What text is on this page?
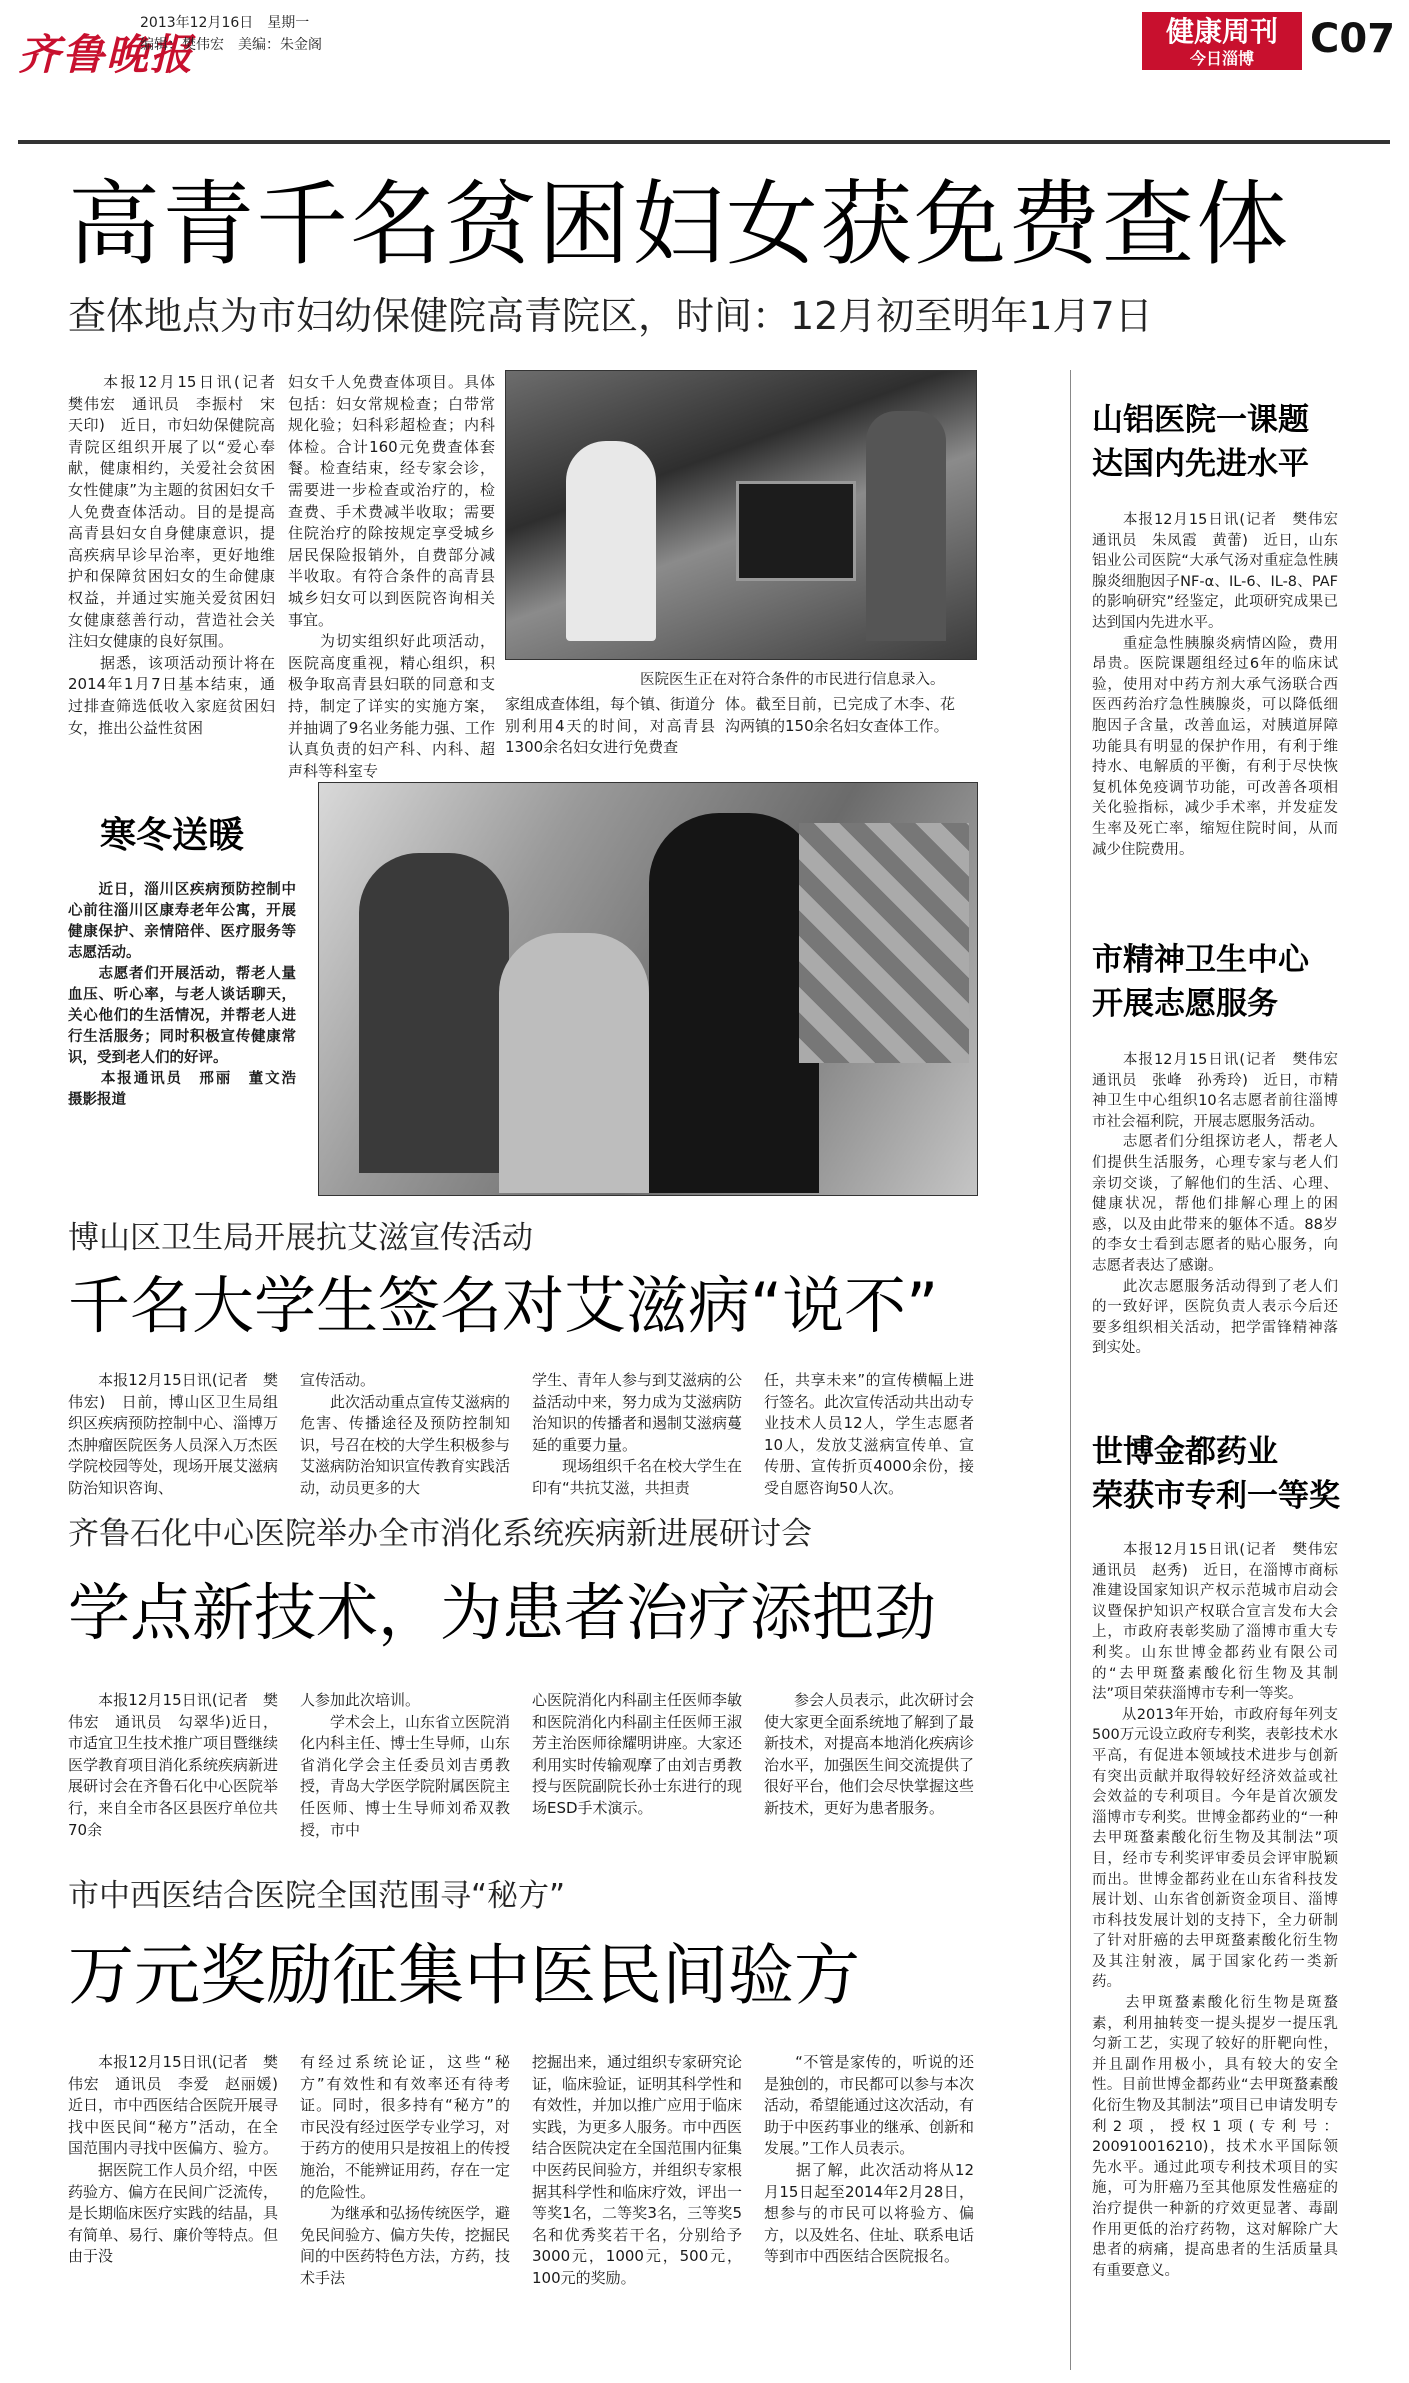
齐鲁晚报
2013年12月16日　 星期一
编辑：樊伟宏　美编：朱金阁	健康周刊
今日淄博	C07
高青千名贫困妇女获免费查体
查体地点为市妇幼保健院高青院区，时间：12月初至明年1月7日
　　本报12月15日讯(记者　樊伟宏　通讯员　李振村　宋天印)　近日，市妇幼保健院高青院区组织开展了以“爱心奉献，健康相约，关爱社会贫困女性健康”为主题的贫困妇女千人免费查体活动。目的是提高高青县妇女自身健康意识，提高疾病早诊早治率，更好地维护和保障贫困妇女的生命健康权益，并通过实施关爱贫困妇女健康慈善行动，营造社会关注妇女健康的良好氛围。
　　据悉，该项活动预计将在2014年1月7日基本结束，通过排查筛选低收入家庭贫困妇女，推出公益性贫困
妇女千人免费查体项目。具体包括：妇女常规检查；白带常规化验；妇科彩超检查；内科体检。合计160元免费查体套餐。检查结束，经专家会诊，需要进一步检查或治疗的，检查费、手术费减半收取；需要住院治疗的除按规定享受城乡居民保险报销外，自费部分减半收取。有符合条件的高青县城乡妇女可以到医院咨询相关事宜。
　　为切实组织好此项活动，医院高度重视，精心组织，积极争取高青县妇联的同意和支持，制定了详实的实施方案，并抽调了9名业务能力强、工作认真负责的妇产科、内科、超声科等科室专
医院医生正在对符合条件的市民进行信息录入。
家组成查体组，每个镇、街道分别利用4天的时间，对高青县1300余名妇女进行免费查
体。截至目前，已完成了木李、花沟两镇的150余名妇女查体工作。
寒冬送暖
　　近日，淄川区疾病预防控制中心前往淄川区康寿老年公寓，开展健康保护、亲情陪伴、医疗服务等志愿活动。
　　志愿者们开展活动，帮老人量血压、听心率，与老人谈话聊天，关心他们的生活情况，并帮老人进行生活服务；同时积极宣传健康常识，受到老人们的好评。
　　本报通讯员　邢丽　董文浩　摄影报道
博山区卫生局开展抗艾滋宣传活动
千名大学生签名对艾滋病“说不”
　　本报12月15日讯(记者　樊伟宏)　日前，博山区卫生局组织区疾病预防控制中心、淄博万杰肿瘤医院医务人员深入万杰医学院校园等处，现场开展艾滋病防治知识咨询、
宣传活动。
　　此次活动重点宣传艾滋病的危害、传播途径及预防控制知识，号召在校的大学生积极参与艾滋病防治知识宣传教育实践活动，动员更多的大
学生、青年人参与到艾滋病的公益活动中来，努力成为艾滋病防治知识的传播者和遏制艾滋病蔓延的重要力量。
　　现场组织千名在校大学生在印有“共抗艾滋，共担责
任，共享未来”的宣传横幅上进行签名。此次宣传活动共出动专业技术人员12人，学生志愿者10人，发放艾滋病宣传单、宣传册、宣传折页4000余份，接受自愿咨询50人次。
齐鲁石化中心医院举办全市消化系统疾病新进展研讨会
学点新技术，为患者治疗添把劲
　　本报12月15日讯(记者　樊伟宏　通讯员　勾翠华)近日，市适宜卫生技术推广项目暨继续医学教育项目消化系统疾病新进展研讨会在齐鲁石化中心医院举行，来自全市各区县医疗单位共70余
人参加此次培训。
　　学术会上，山东省立医院消化内科主任、博士生导师，山东省消化学会主任委员刘吉勇教授，青岛大学医学院附属医院主任医师、博士生导师刘希双教授，市中
心医院消化内科副主任医师李敏和医院消化内科副主任医师王淑芳主治医师徐耀明讲座。大家还利用实时传输观摩了由刘吉勇教授与医院副院长孙士东进行的现场ESD手术演示。
　　参会人员表示，此次研讨会使大家更全面系统地了解到了最新技术，对提高本地消化疾病诊治水平，加强医生间交流提供了很好平台，他们会尽快掌握这些新技术，更好为患者服务。
市中西医结合医院全国范围寻“秘方”
万元奖励征集中医民间验方
　　本报12月15日讯(记者　樊伟宏　通讯员　李爱　赵丽媛)近日，市中西医结合医院开展寻找中医民间“秘方”活动，在全国范围内寻找中医偏方、验方。
　　据医院工作人员介绍，中医药验方、偏方在民间广泛流传，是长期临床医疗实践的结晶，具有简单、易行、廉价等特点。但由于没
有经过系统论证，这些“秘方”有效性和有效率还有待考证。同时，很多持有“秘方”的市民没有经过医学专业学习，对于药方的使用只是按祖上的传授施治，不能辨证用药，存在一定的危险性。
　　为继承和弘扬传统医学，避免民间验方、偏方失传，挖掘民间的中医药特色方法，方药，技术手法
挖掘出来，通过组织专家研究论证，临床验证，证明其科学性和有效性，并加以推广应用于临床实践，为更多人服务。市中西医结合医院决定在全国范围内征集中医药民间验方，并组织专家根据其科学性和临床疗效，评出一等奖1名，二等奖3名，三等奖5名和优秀奖若干名，分别给予3000元，1000元，500元，100元的奖励。
　　“不管是家传的，听说的还是独创的，市民都可以参与本次活动，希望能通过这次活动，有助于中医药事业的继承、创新和发展。”工作人员表示。
　　据了解，此次活动将从12月15日起至2014年2月28日，想参与的市民可以将验方、偏方，以及姓名、住址、联系电话等到市中西医结合医院报名。
山铝医院一课题
达国内先进水平
　　本报12月15日讯(记者　樊伟宏　通讯员　朱凤霞　黄蕾)　近日，山东铝业公司医院“大承气汤对重症急性胰腺炎细胞因子NF-α、IL-6、IL-8、PAF的影响研究”经鉴定，此项研究成果已达到国内先进水平。
　　重症急性胰腺炎病情凶险，费用昂贵。医院课题组经过6年的临床试验，使用对中药方剂大承气汤联合西医西药治疗急性胰腺炎，可以降低细胞因子含量，改善血运，对胰道屏障功能具有明显的保护作用，有利于维持水、电解质的平衡，有利于尽快恢复机体免疫调节功能，可改善各项相关化验指标，减少手术率，并发症发生率及死亡率，缩短住院时间，从而减少住院费用。
市精神卫生中心
开展志愿服务
　　本报12月15日讯(记者　樊伟宏　通讯员　张峰　孙秀玲)　近日，市精神卫生中心组织10名志愿者前往淄博市社会福利院，开展志愿服务活动。
　　志愿者们分组探访老人，帮老人们提供生活服务，心理专家与老人们亲切交谈，了解他们的生活、心理、健康状况，帮他们排解心理上的困惑，以及由此带来的躯体不适。88岁的李女士看到志愿者的贴心服务，向志愿者表达了感谢。
　　此次志愿服务活动得到了老人们的一致好评，医院负责人表示今后还要多组织相关活动，把学雷锋精神落到实处。
世博金都药业
荣获市专利一等奖
　　本报12月15日讯(记者　樊伟宏　通讯员　赵秀)　近日，在淄博市商标准建设国家知识产权示范城市启动会议暨保护知识产权联合宣言发布大会上，市政府表彰奖励了淄博市重大专利奖。山东世博金都药业有限公司的“去甲斑蝥素酸化衍生物及其制法”项目荣获淄博市专利一等奖。
　　从2013年开始，市政府每年列支500万元设立政府专利奖，表彰技术水平高，有促进本领域技术进步与创新有突出贡献并取得较好经济效益或社会效益的专利项目。今年是首次颁发淄博市专利奖。世博金都药业的“一种去甲斑蝥素酸化衍生物及其制法”项目，经市专利奖评审委员会评审脱颖而出。世博金都药业在山东省科技发展计划、山东省创新资金项目、淄博市科技发展计划的支持下，全力研制了针对肝癌的去甲斑蝥素酸化衍生物及其注射液，属于国家化药一类新药。
　　去甲斑蝥素酸化衍生物是斑蝥素，利用抽转变一提头提岁一提压乳匀新工艺，实现了较好的肝靶向性，并且副作用极小，具有较大的安全性。目前世博金都药业“去甲斑蝥素酸化衍生物及其制法”项目已申请发明专利2项，授权1项(专利号：200910016210)，技术水平国际领先水平。通过此项专利技术项目的实施，可为肝癌乃至其他原发性癌症的治疗提供一种新的疗效更显著、毒副作用更低的治疗药物，这对解除广大患者的病痛，提高患者的生活质量具有重要意义。
